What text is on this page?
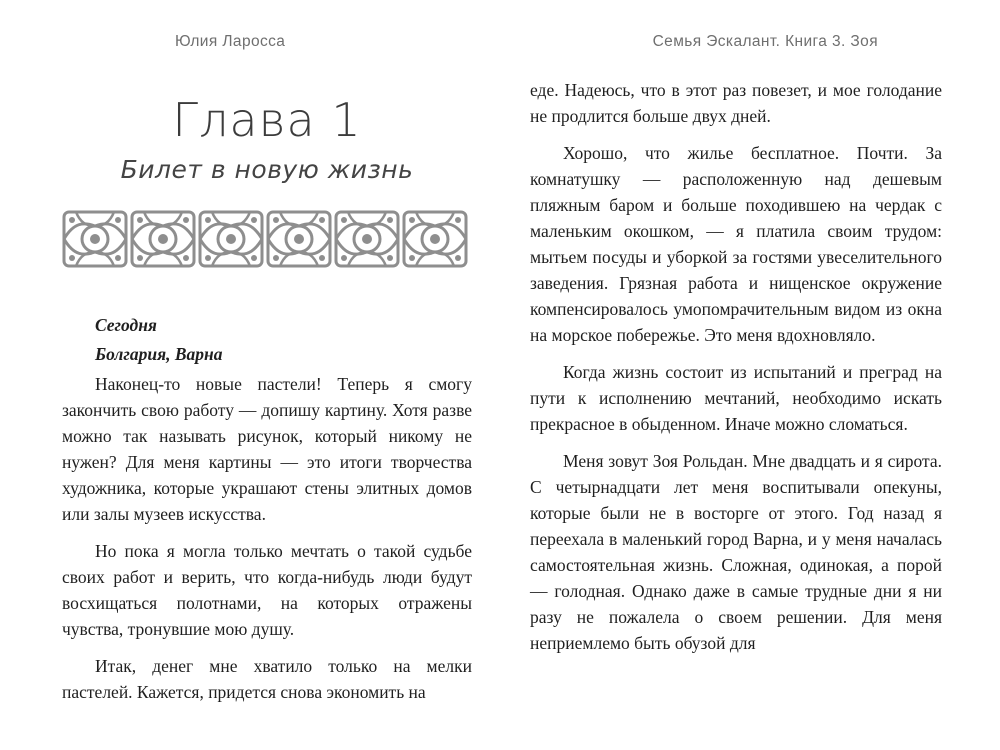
Юлия Ларосса	Семья Эскалант. Книга 3. Зоя
Глава 1
Билет в новую жизнь

Сегодня

Болгария, Варна

Наконец-то новые пастели! Теперь я смогу закончить свою работу — допишу картину. Хотя разве можно так называть рисунок, который никому не нужен? Для меня картины — это итоги творчества художника, которые украшают стены элитных домов или залы музеев искусства.

Но пока я могла только мечтать о такой судьбе своих работ и верить, что когда-нибудь люди будут восхищаться полотнами, на которых отражены чувства, тронувшие мою душу.

Итак, денег мне хватило только на мелки пастелей. Кажется, придется снова экономить на

еде. Надеюсь, что в этот раз повезет, и мое голодание не продлится больше двух дней.

Хорошо, что жилье бесплатное. Почти. За комнатушку — расположенную над дешевым пляжным баром и больше походившею на чердак с маленьким окошком, — я платила своим трудом: мытьем посуды и уборкой за гостями увеселительного заведения. Грязная работа и нищенское окружение компенсировалось умопомрачительным видом из окна на морское побережье. Это меня вдохновляло.

Когда жизнь состоит из испытаний и преград на пути к исполнению мечтаний, необходимо искать прекрасное в обыденном. Иначе можно сломаться.

Меня зовут Зоя Рольдан. Мне двадцать и я сирота. С четырнадцати лет меня воспитывали опекуны, которые были не в восторге от этого. Год назад я переехала в маленький город Варна, и у меня началась самостоятельная жизнь. Сложная, одинокая, а порой — голодная. Однако даже в самые трудные дни я ни разу не пожалела о своем решении. Для меня неприемлемо быть обузой для
